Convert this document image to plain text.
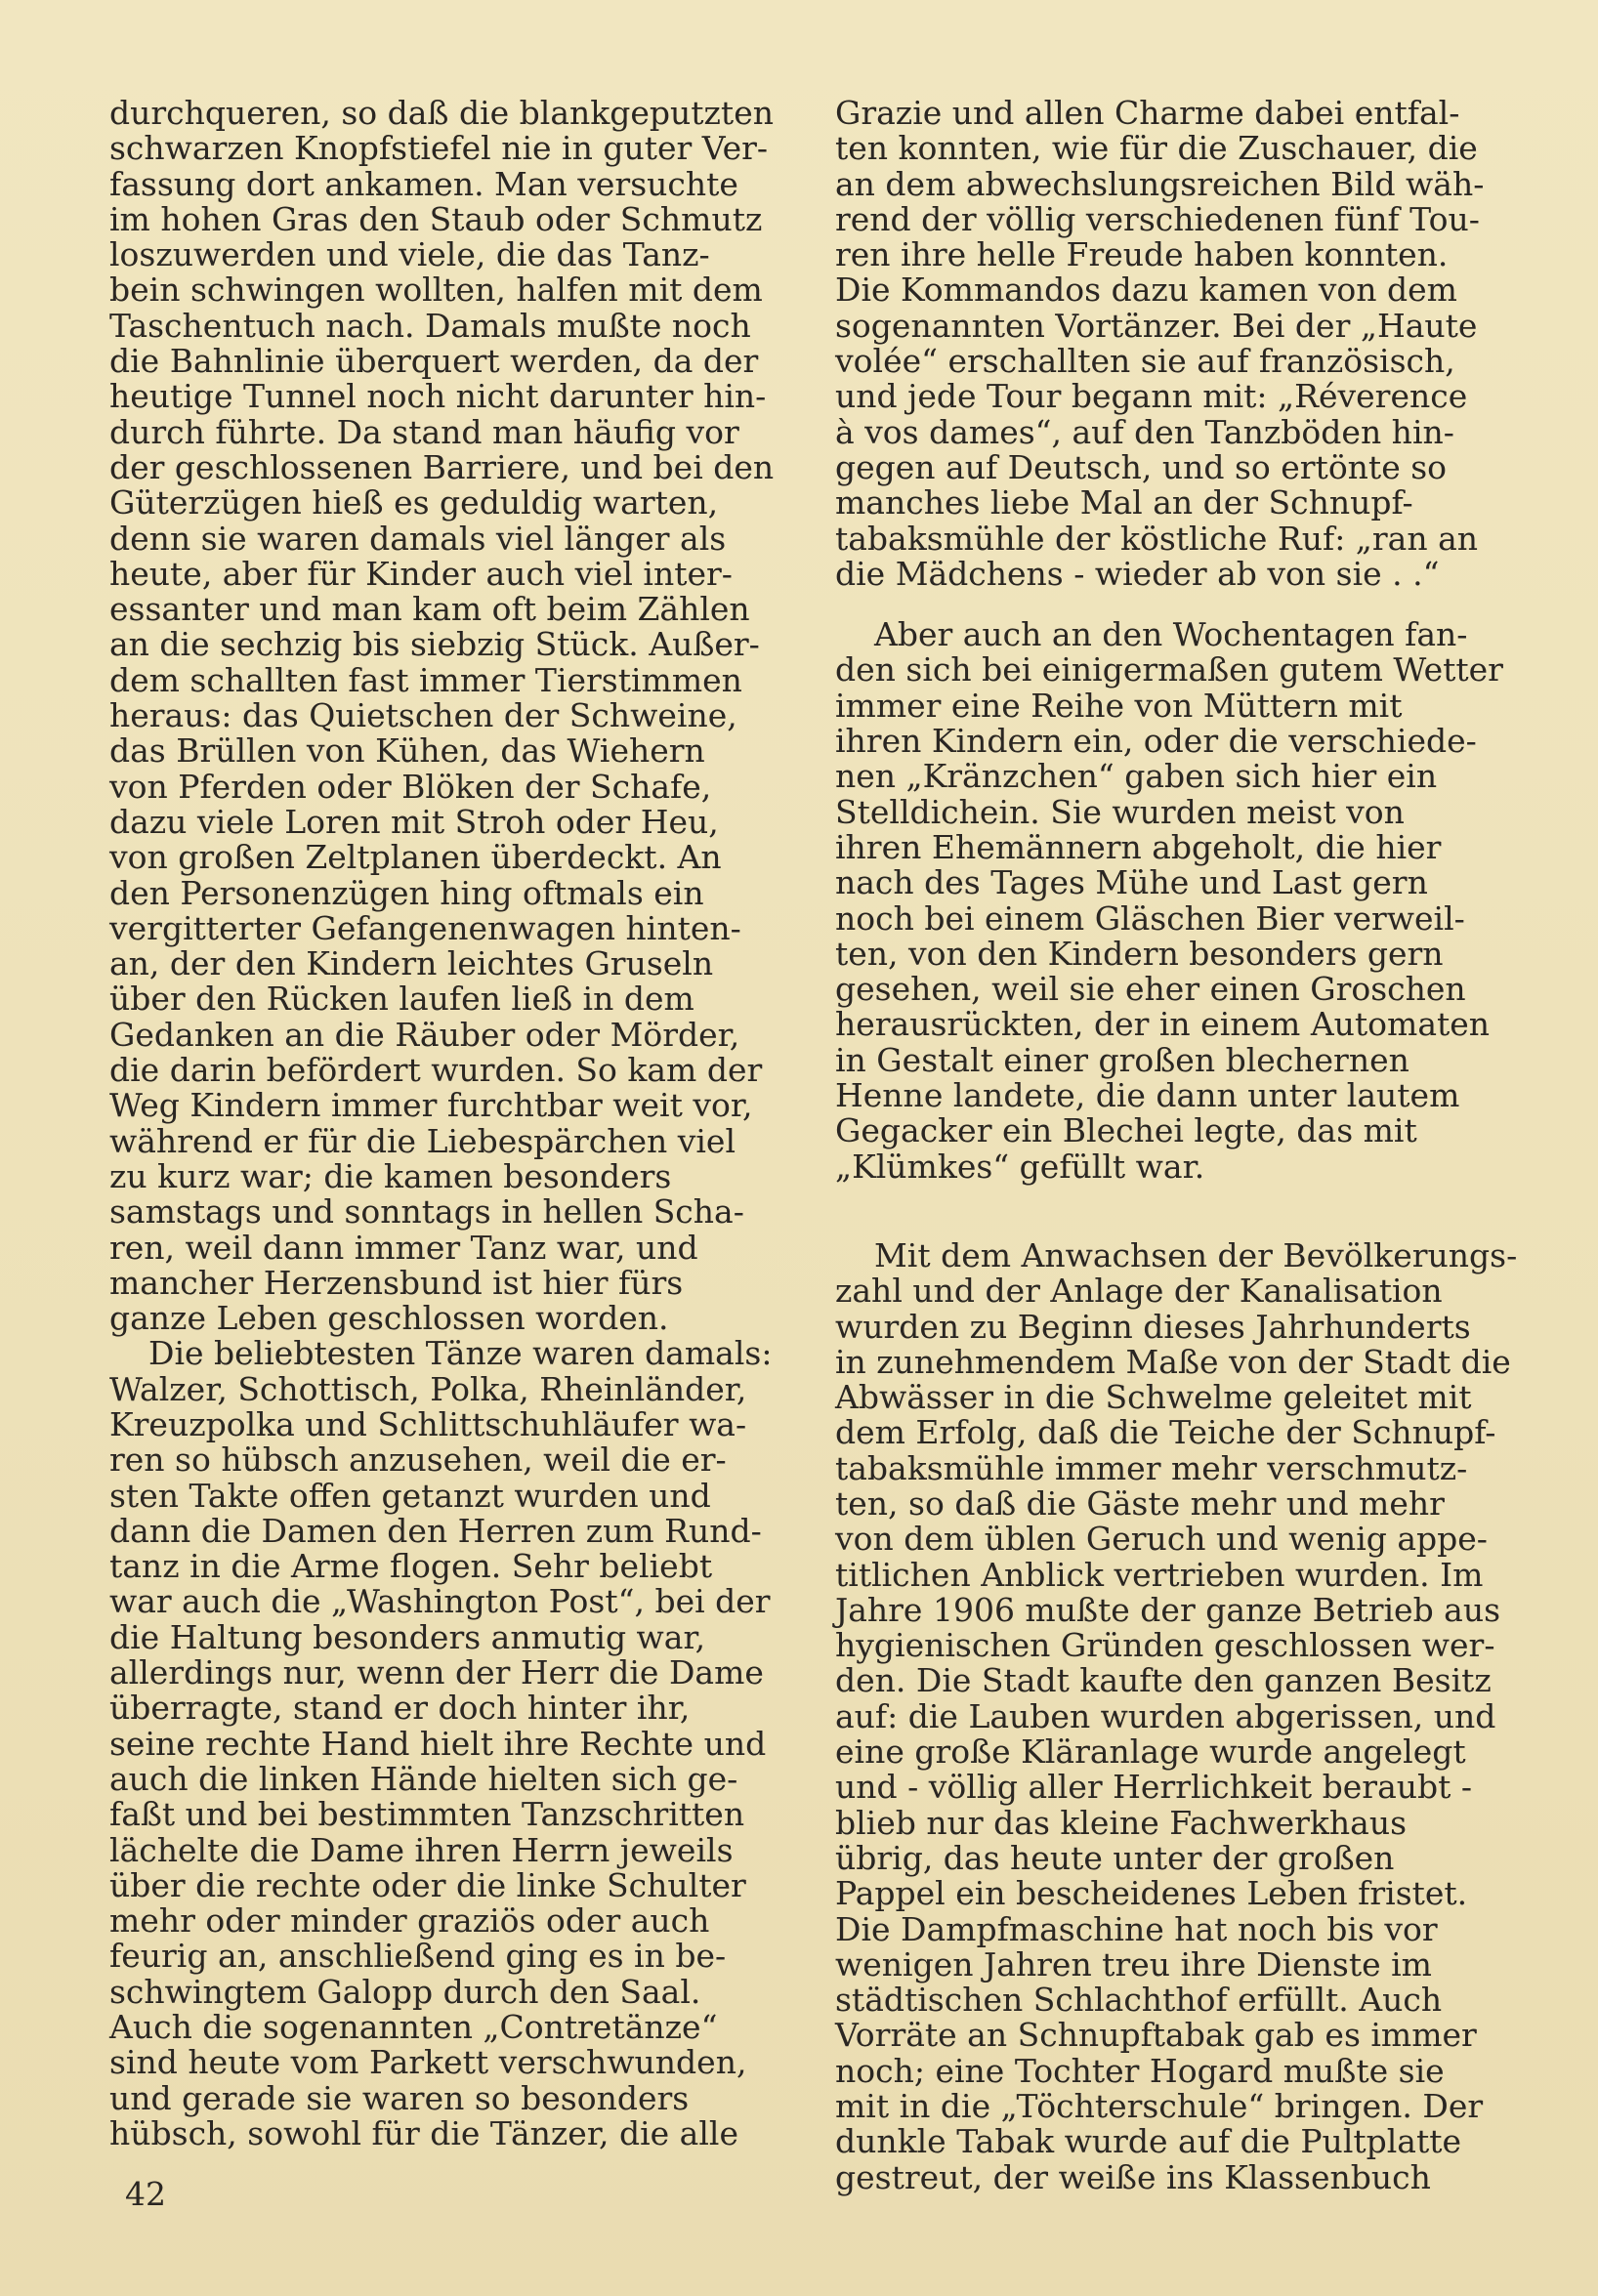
durchqueren, so daß die blankgeputzten
schwarzen Knopfstiefel nie in guter Ver-
fassung dort ankamen. Man versuchte
im hohen Gras den Staub oder Schmutz
loszuwerden und viele, die das Tanz-
bein schwingen wollten, halfen mit dem
Taschentuch nach. Damals mußte noch
die Bahnlinie überquert werden, da der
heutige Tunnel noch nicht darunter hin-
durch führte. Da stand man häufig vor
der geschlossenen Barriere, und bei den
Güterzügen hieß es geduldig warten,
denn sie waren damals viel länger als
heute, aber für Kinder auch viel inter-
essanter und man kam oft beim Zählen
an die sechzig bis siebzig Stück. Außer-
dem schallten fast immer Tierstimmen
heraus: das Quietschen der Schweine,
das Brüllen von Kühen, das Wiehern
von Pferden oder Blöken der Schafe,
dazu viele Loren mit Stroh oder Heu,
von großen Zeltplanen überdeckt. An
den Personenzügen hing oftmals ein
vergitterter Gefangenenwagen hinten-
an, der den Kindern leichtes Gruseln
über den Rücken laufen ließ in dem
Gedanken an die Räuber oder Mörder,
die darin befördert wurden. So kam der
Weg Kindern immer furchtbar weit vor,
während er für die Liebespärchen viel
zu kurz war; die kamen besonders
samstags und sonntags in hellen Scha-
ren, weil dann immer Tanz war, und
mancher Herzensbund ist hier fürs
ganze Leben geschlossen worden.

Die beliebtesten Tänze waren damals:
Walzer, Schottisch, Polka, Rheinländer,
Kreuzpolka und Schlittschuhläufer wa-
ren so hübsch anzusehen, weil die er-
sten Takte offen getanzt wurden und
dann die Damen den Herren zum Rund-
tanz in die Arme flogen. Sehr beliebt
war auch die „Washington Post“, bei der
die Haltung besonders anmutig war,
allerdings nur, wenn der Herr die Dame
überragte, stand er doch hinter ihr,
seine rechte Hand hielt ihre Rechte und
auch die linken Hände hielten sich ge-
faßt und bei bestimmten Tanzschritten
lächelte die Dame ihren Herrn jeweils
über die rechte oder die linke Schulter
mehr oder minder graziös oder auch
feurig an, anschließend ging es in be-
schwingtem Galopp durch den Saal.
Auch die sogenannten „Contretänze“
sind heute vom Parkett verschwunden,
und gerade sie waren so besonders
hübsch, sowohl für die Tänzer, die alle

Grazie und allen Charme dabei entfal-
ten konnten, wie für die Zuschauer, die
an dem abwechslungsreichen Bild wäh-
rend der völlig verschiedenen fünf Tou-
ren ihre helle Freude haben konnten.
Die Kommandos dazu kamen von dem
sogenannten Vortänzer. Bei der „Haute
volée“ erschallten sie auf französisch,
und jede Tour begann mit: „Réverence
à vos dames“, auf den Tanzböden hin-
gegen auf Deutsch, und so ertönte so
manches liebe Mal an der Schnupf-
tabaksmühle der köstliche Ruf: „ran an
die Mädchens - wieder ab von sie . .“

Aber auch an den Wochentagen fan-
den sich bei einigermaßen gutem Wetter
immer eine Reihe von Müttern mit
ihren Kindern ein, oder die verschiede-
nen „Kränzchen“ gaben sich hier ein
Stelldichein. Sie wurden meist von
ihren Ehemännern abgeholt, die hier
nach des Tages Mühe und Last gern
noch bei einem Gläschen Bier verweil-
ten, von den Kindern besonders gern
gesehen, weil sie eher einen Groschen
herausrückten, der in einem Automaten
in Gestalt einer großen blechernen
Henne landete, die dann unter lautem
Gegacker ein Blechei legte, das mit
„Klümkes“ gefüllt war.

Mit dem Anwachsen der Bevölkerungs-
zahl und der Anlage der Kanalisation
wurden zu Beginn dieses Jahrhunderts
in zunehmendem Maße von der Stadt die
Abwässer in die Schwelme geleitet mit
dem Erfolg, daß die Teiche der Schnupf-
tabaksmühle immer mehr verschmutz-
ten, so daß die Gäste mehr und mehr
von dem üblen Geruch und wenig appe-
titlichen Anblick vertrieben wurden. Im
Jahre 1906 mußte der ganze Betrieb aus
hygienischen Gründen geschlossen wer-
den. Die Stadt kaufte den ganzen Besitz
auf: die Lauben wurden abgerissen, und
eine große Kläranlage wurde angelegt
und - völlig aller Herrlichkeit beraubt -
blieb nur das kleine Fachwerkhaus
übrig, das heute unter der großen
Pappel ein bescheidenes Leben fristet.
Die Dampfmaschine hat noch bis vor
wenigen Jahren treu ihre Dienste im
städtischen Schlachthof erfüllt. Auch
Vorräte an Schnupftabak gab es immer
noch; eine Tochter Hogard mußte sie
mit in die „Töchterschule“ bringen. Der
dunkle Tabak wurde auf die Pultplatte
gestreut, der weiße ins Klassenbuch

42
